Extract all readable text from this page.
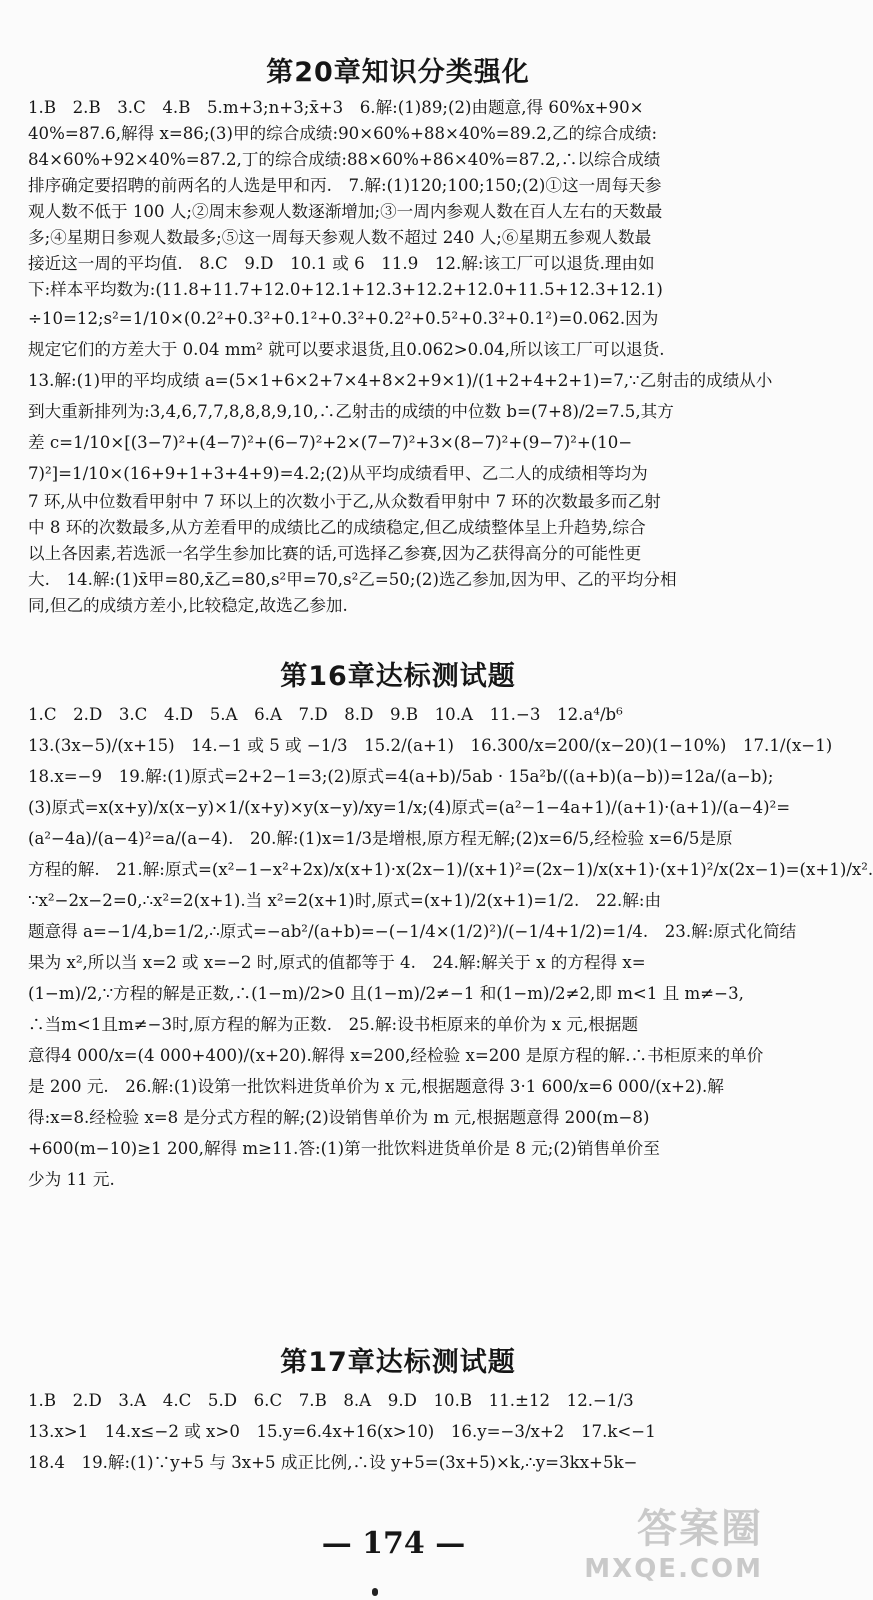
第20章知识分类强化
1.B　2.B　3.C　4.B　5.m+3;n+3;x̄+3　6.解:(1)89;(2)由题意,得 60%x+90×
40%=87.6,解得 x=86;(3)甲的综合成绩:90×60%+88×40%=89.2,乙的综合成绩:
84×60%+92×40%=87.2,丁的综合成绩:88×60%+86×40%=87.2,∴以综合成绩
排序确定要招聘的前两名的人选是甲和丙.　7.解:(1)120;100;150;(2)①这一周每天参
观人数不低于 100 人;②周末参观人数逐渐增加;③一周内参观人数在百人左右的天数最
多;④星期日参观人数最多;⑤这一周每天参观人数不超过 240 人;⑥星期五参观人数最
接近这一周的平均值.　8.C　9.D　10.1 或 6　11.9　12.解:该工厂可以退货.理由如
下:样本平均数为:(11.8+11.7+12.0+12.1+12.3+12.2+12.0+11.5+12.3+12.1)
÷10=12;s²=1/10×(0.2²+0.3²+0.1²+0.3²+0.2²+0.5²+0.3²+0.1²)=0.062.因为
规定它们的方差大于 0.04 mm² 就可以要求退货,且0.062>0.04,所以该工厂可以退货.
13.解:(1)甲的平均成绩 a=(5×1+6×2+7×4+8×2+9×1)/(1+2+4+2+1)=7,∵乙射击的成绩从小
到大重新排列为:3,4,6,7,7,8,8,8,9,10,∴乙射击的成绩的中位数 b=(7+8)/2=7.5,其方
差 c=1/10×[(3−7)²+(4−7)²+(6−7)²+2×(7−7)²+3×(8−7)²+(9−7)²+(10−
7)²]=1/10×(16+9+1+3+4+9)=4.2;(2)从平均成绩看甲、乙二人的成绩相等均为
7 环,从中位数看甲射中 7 环以上的次数小于乙,从众数看甲射中 7 环的次数最多而乙射
中 8 环的次数最多,从方差看甲的成绩比乙的成绩稳定,但乙成绩整体呈上升趋势,综合
以上各因素,若选派一名学生参加比赛的话,可选择乙参赛,因为乙获得高分的可能性更
大.　14.解:(1)x̄甲=80,x̄乙=80,s²甲=70,s²乙=50;(2)选乙参加,因为甲、乙的平均分相
同,但乙的成绩方差小,比较稳定,故选乙参加.
第16章达标测试题
1.C　2.D　3.C　4.D　5.A　6.A　7.D　8.D　9.B　10.A　11.−3　12.a⁴/b⁶
13.(3x−5)/(x+15)　14.−1 或 5 或 −1/3　15.2/(a+1)　16.300/x=200/(x−20)(1−10%)　17.1/(x−1)
18.x=−9　19.解:(1)原式=2+2−1=3;(2)原式=4(a+b)/5ab · 15a²b/((a+b)(a−b))=12a/(a−b);
(3)原式=x(x+y)/x(x−y)×1/(x+y)×y(x−y)/xy=1/x;(4)原式=(a²−1−4a+1)/(a+1)·(a+1)/(a−4)²=
(a²−4a)/(a−4)²=a/(a−4).　20.解:(1)x=1/3是增根,原方程无解;(2)x=6/5,经检验 x=6/5是原
方程的解.　21.解:原式=(x²−1−x²+2x)/x(x+1)·x(2x−1)/(x+1)²=(2x−1)/x(x+1)·(x+1)²/x(2x−1)=(x+1)/x².
∵x²−2x−2=0,∴x²=2(x+1).当 x²=2(x+1)时,原式=(x+1)/2(x+1)=1/2.　22.解:由
题意得 a=−1/4,b=1/2,∴原式=−ab²/(a+b)=−(−1/4×(1/2)²)/(−1/4+1/2)=1/4.　23.解:原式化简结
果为 x²,所以当 x=2 或 x=−2 时,原式的值都等于 4.　24.解:解关于 x 的方程得 x=
(1−m)/2,∵方程的解是正数,∴(1−m)/2>0 且(1−m)/2≠−1 和(1−m)/2≠2,即 m<1 且 m≠−3,
∴当m<1且m≠−3时,原方程的解为正数.　25.解:设书柜原来的单价为 x 元,根据题
意得4 000/x=(4 000+400)/(x+20).解得 x=200,经检验 x=200 是原方程的解.∴书柜原来的单价
是 200 元.　26.解:(1)设第一批饮料进货单价为 x 元,根据题意得 3·1 600/x=6 000/(x+2).解
得:x=8.经检验 x=8 是分式方程的解;(2)设销售单价为 m 元,根据题意得 200(m−8)
+600(m−10)≥1 200,解得 m≥11.答:(1)第一批饮料进货单价是 8 元;(2)销售单价至
少为 11 元.
第17章达标测试题
1.B　2.D　3.A　4.C　5.D　6.C　7.B　8.A　9.D　10.B　11.±12　12.−1/3
13.x>1　14.x≤−2 或 x>0　15.y=6.4x+16(x>10)　16.y=−3/x+2　17.k<−1
18.4　19.解:(1)∵y+5 与 3x+5 成正比例,∴设 y+5=(3x+5)×k,∴y=3kx+5k−
— 174 —	答案圈
MXQE.COM
